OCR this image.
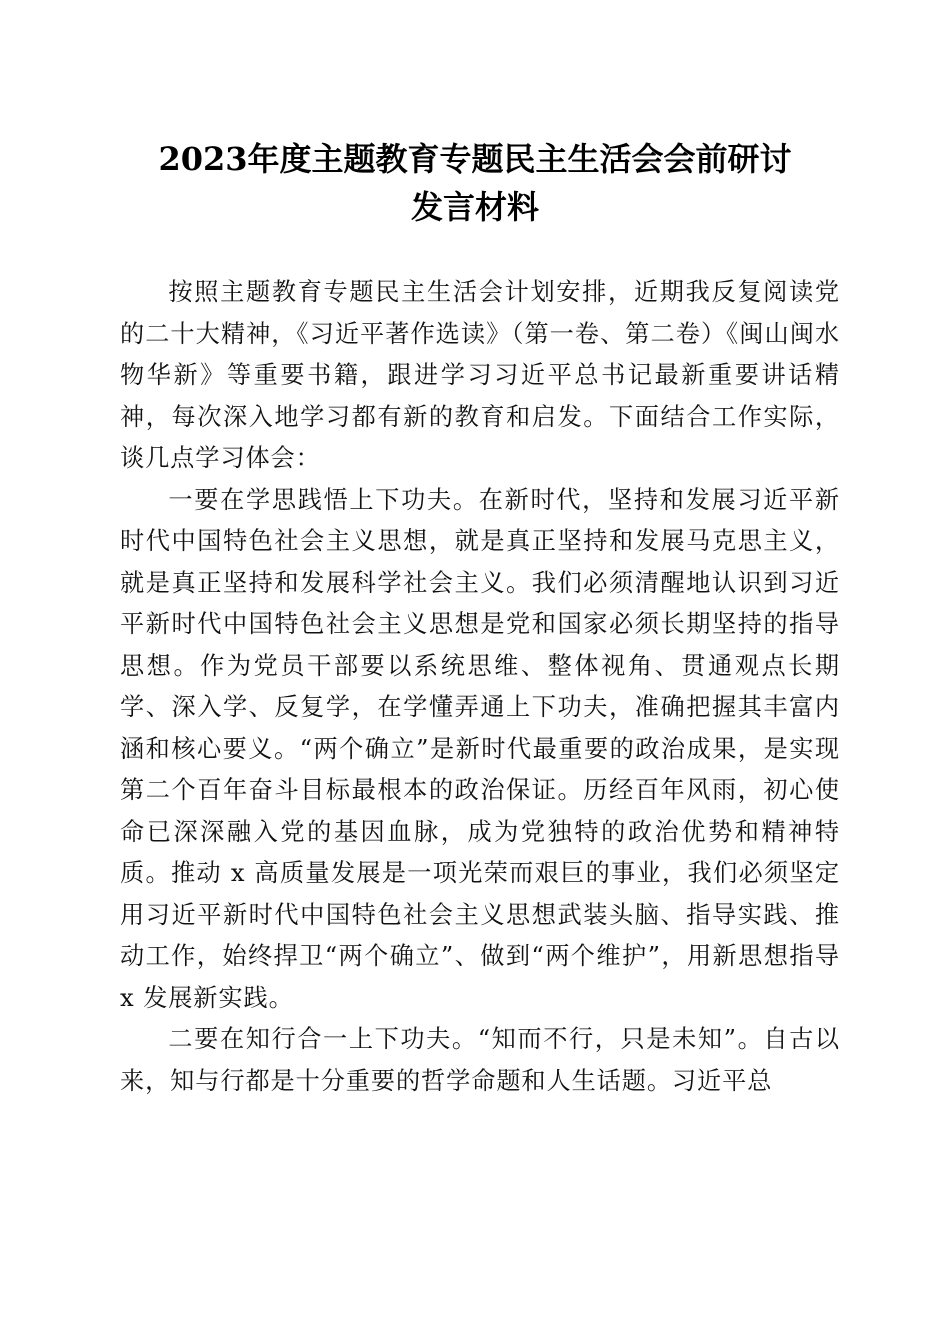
2023年度主题教育专题民主生活会会前研讨
发言材料

按照主题教育专题民主生活会计划安排，近期我反复阅读党的二十大精神，《习近平著作选读》（第一卷、第二卷）《闽山闽水物华新》等重要书籍，跟进学习习近平总书记最新重要讲话精神，每次深入地学习都有新的教育和启发。下面结合工作实际，谈几点学习体会：

一要在学思践悟上下功夫。在新时代，坚持和发展习近平新时代中国特色社会主义思想，就是真正坚持和发展马克思主义，就是真正坚持和发展科学社会主义。我们必须清醒地认识到习近平新时代中国特色社会主义思想是党和国家必须长期坚持的指导思想。作为党员干部要以系统思维、整体视角、贯通观点长期学、深入学、反复学，在学懂弄通上下功夫，准确把握其丰富内涵和核心要义。“两个确立”是新时代最重要的政治成果，是实现第二个百年奋斗目标最根本的政治保证。历经百年风雨，初心使命已深深融入党的基因血脉，成为党独特的政治优势和精神特质。推动 x 高质量发展是一项光荣而艰巨的事业，我们必须坚定用习近平新时代中国特色社会主义思想武装头脑、指导实践、推动工作，始终捍卫“两个确立”、做到“两个维护”，用新思想指导 x 发展新实践。

二要在知行合一上下功夫。“知而不行，只是未知”。自古以来，知与行都是十分重要的哲学命题和人生话题。习近平总
